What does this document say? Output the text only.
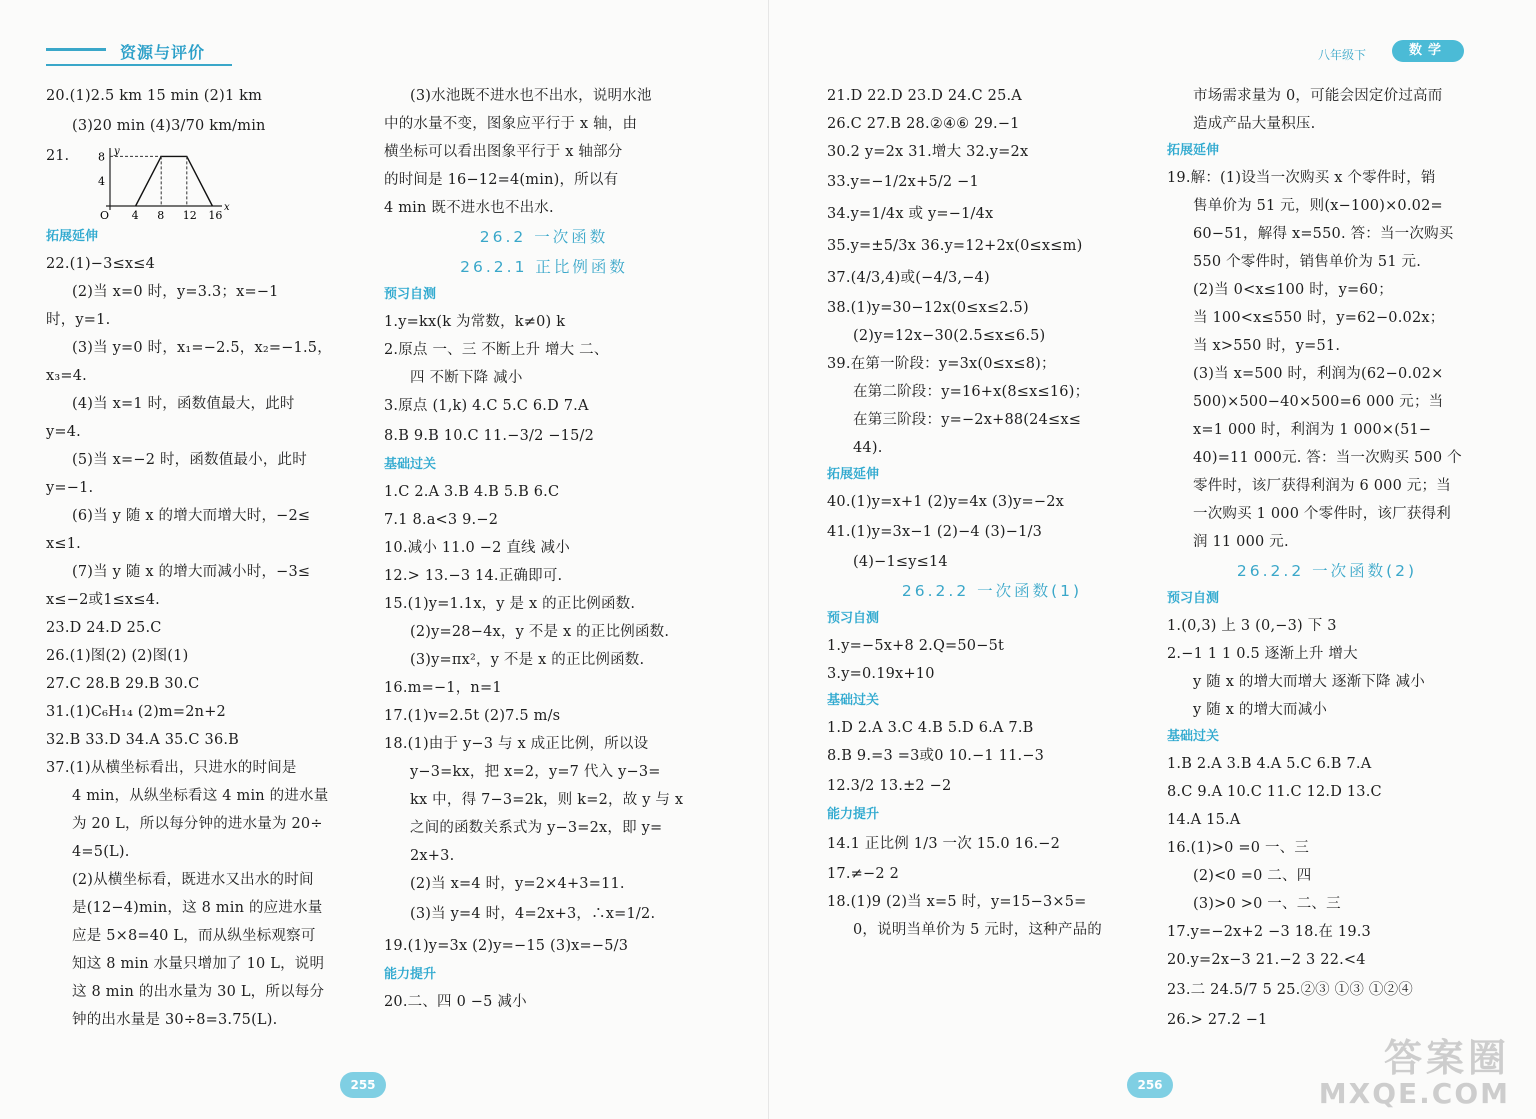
资源与评价
20.(1)2.5 km 15 min (2)1 km
(3)20 min (4)3/70 km/min
21.
O 4 8 12 16
8
4
x
y
拓展延伸
22.(1)−3≤x≤4
(2)当 x=0 时，y=3.3；x=−1
时，y=1.
(3)当 y=0 时，x₁=−2.5，x₂=−1.5，
x₃=4.
(4)当 x=1 时，函数值最大，此时
y=4.
(5)当 x=−2 时，函数值最小，此时
y=−1.
(6)当 y 随 x 的增大而增大时，−2≤
x≤1.
(7)当 y 随 x 的增大而减小时，−3≤
x≤−2或1≤x≤4.
23.D 24.D 25.C
26.(1)图(2) (2)图(1)
27.C 28.B 29.B 30.C
31.(1)C₆H₁₄ (2)m=2n+2
32.B 33.D 34.A 35.C 36.B
37.(1)从横坐标看出，只进水的时间是
4 min，从纵坐标看这 4 min 的进水量
为 20 L，所以每分钟的进水量为 20÷
4=5(L).
(2)从横坐标看，既进水又出水的时间
是(12−4)min，这 8 min 的应进水量
应是 5×8=40 L，而从纵坐标观察可
知这 8 min 水量只增加了 10 L，说明
这 8 min 的出水量为 30 L，所以每分
钟的出水量是 30÷8=3.75(L).
(3)水池既不进水也不出水，说明水池
中的水量不变，图象应平行于 x 轴，由
横坐标可以看出图象平行于 x 轴部分
的时间是 16−12=4(min)，所以有
4 min 既不进水也不出水.
26.2 一次函数
26.2.1 正比例函数
预习自测
1.y=kx(k 为常数，k≠0) k
2.原点 一、三 不断上升 增大 二、
四 不断下降 减小
3.原点 (1,k) 4.C 5.C 6.D 7.A
8.B 9.B 10.C 11.−3/2 −15/2
基础过关
1.C 2.A 3.B 4.B 5.B 6.C
7.1 8.a<3 9.−2
10.减小 11.0 −2 直线 减小
12.> 13.−3 14.正确即可.
15.(1)y=1.1x，y 是 x 的正比例函数.
(2)y=28−4x，y 不是 x 的正比例函数.
(3)y=πx²，y 不是 x 的正比例函数.
16.m=−1，n=1
17.(1)v=2.5t (2)7.5 m/s
18.(1)由于 y−3 与 x 成正比例，所以设
y−3=kx，把 x=2，y=7 代入 y−3=
kx 中，得 7−3=2k，则 k=2，故 y 与 x
之间的函数关系式为 y−3=2x，即 y=
2x+3.
(2)当 x=4 时，y=2×4+3=11.
(3)当 y=4 时，4=2x+3，∴x=1/2.
19.(1)y=3x (2)y=−15 (3)x=−5/3
能力提升
20.二、四 0 −5 减小
255
八年级下	数学
21.D 22.D 23.D 24.C 25.A
26.C 27.B 28.②④⑥ 29.−1
30.2 y=2x 31.增大 32.y=2x
33.y=−1/2x+5/2 −1
34.y=1/4x 或 y=−1/4x
35.y=±5/3x 36.y=12+2x(0≤x≤m)
37.(4/3,4)或(−4/3,−4)
38.(1)y=30−12x(0≤x≤2.5)
(2)y=12x−30(2.5≤x≤6.5)
39.在第一阶段：y=3x(0≤x≤8)；
在第二阶段：y=16+x(8≤x≤16)；
在第三阶段：y=−2x+88(24≤x≤
44).
拓展延伸
40.(1)y=x+1 (2)y=4x (3)y=−2x
41.(1)y=3x−1 (2)−4 (3)−1/3
(4)−1≤y≤14
26.2.2 一次函数(1)
预习自测
1.y=−5x+8 2.Q=50−5t
3.y=0.19x+10
基础过关
1.D 2.A 3.C 4.B 5.D 6.A 7.B
8.B 9.=3 =3或0 10.−1 11.−3
12.3/2 13.±2 −2
能力提升
14.1 正比例 1/3 一次 15.0 16.−2
17.≠−2 2
18.(1)9 (2)当 x=5 时，y=15−3×5=
0，说明当单价为 5 元时，这种产品的
市场需求量为 0，可能会因定价过高而
造成产品大量积压.
拓展延伸
19.解：(1)设当一次购买 x 个零件时，销
售单价为 51 元，则(x−100)×0.02=
60−51，解得 x=550. 答：当一次购买
550 个零件时，销售单价为 51 元.
(2)当 0<x≤100 时，y=60；
当 100<x≤550 时，y=62−0.02x；
当 x>550 时，y=51.
(3)当 x=500 时，利润为(62−0.02×
500)×500−40×500=6 000 元；当
x=1 000 时，利润为 1 000×(51−
40)=11 000元. 答：当一次购买 500 个
零件时，该厂获得利润为 6 000 元；当
一次购买 1 000 个零件时，该厂获得利
润 11 000 元.
26.2.2 一次函数(2)
预习自测
1.(0,3) 上 3 (0,−3) 下 3
2.−1 1 1 0.5 逐渐上升 增大
y 随 x 的增大而增大 逐渐下降 减小
y 随 x 的增大而减小
基础过关
1.B 2.A 3.B 4.A 5.C 6.B 7.A
8.C 9.A 10.C 11.C 12.D 13.C
14.A 15.A
16.(1)>0 =0 一、三
(2)<0 =0 二、四
(3)>0 >0 一、二、三
17.y=−2x+2 −3 18.在 19.3
20.y=2x−3 21.−2 3 22.<4
23.二 24.5/7 5 25.②③ ①③ ①②④
26.> 27.2 −1
256
答案圈
MXQE.COM
